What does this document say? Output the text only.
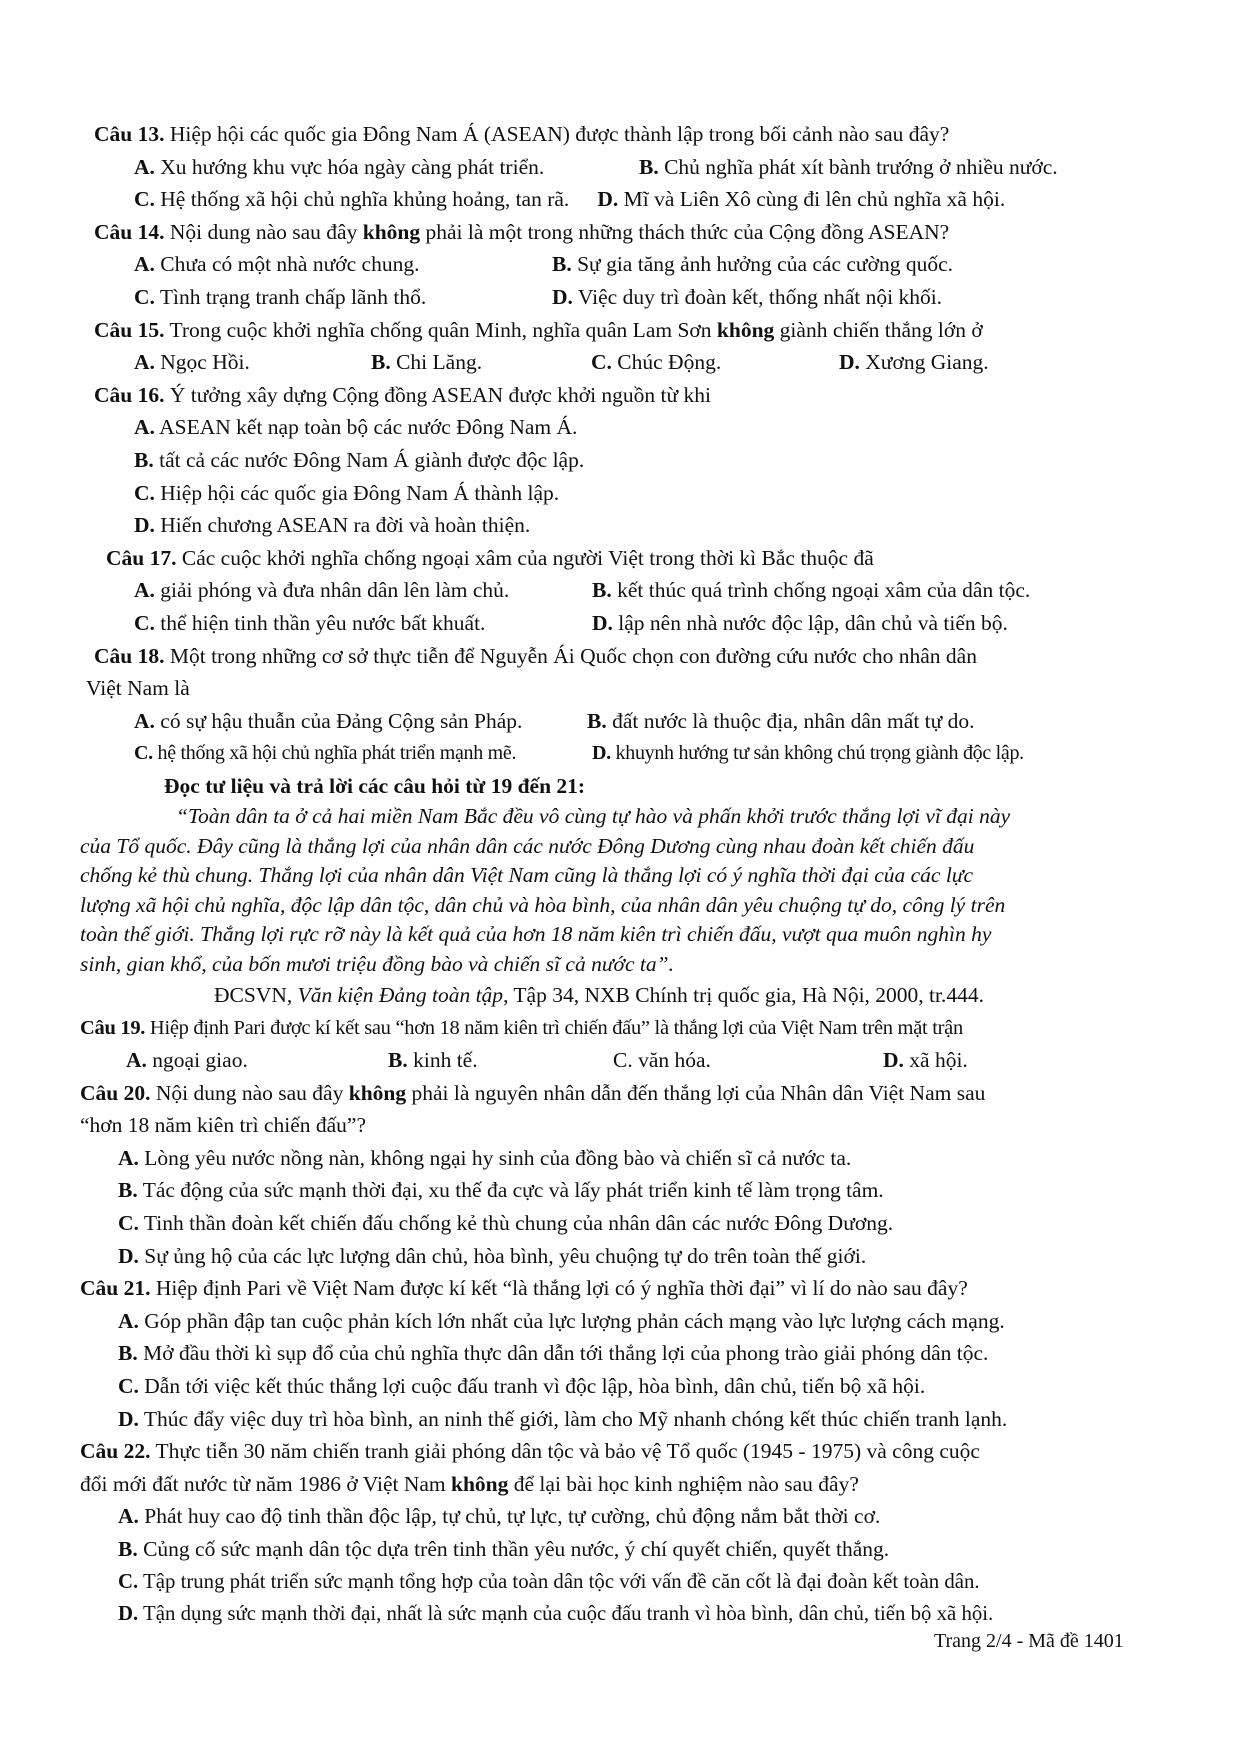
Câu 13. Hiệp hội các quốc gia Đông Nam Á (ASEAN) được thành lập trong bối cảnh nào sau đây?
A. Xu hướng khu vực hóa ngày càng phát triển.	B. Chủ nghĩa phát xít bành trướng ở nhiều nước.
C. Hệ thống xã hội chủ nghĩa khủng hoảng, tan rã.	D. Mĩ và Liên Xô cùng đi lên chủ nghĩa xã hội.
Câu 14. Nội dung nào sau đây không phải là một trong những thách thức của Cộng đồng ASEAN?
A. Chưa có một nhà nước chung.	B. Sự gia tăng ảnh hưởng của các cường quốc.
C. Tình trạng tranh chấp lãnh thổ.	D. Việc duy trì đoàn kết, thống nhất nội khối.
Câu 15. Trong cuộc khởi nghĩa chống quân Minh, nghĩa quân Lam Sơn không giành chiến thắng lớn ở
A. Ngọc Hồi.	B. Chi Lăng.	C. Chúc Động.	D. Xương Giang.
Câu 16. Ý tưởng xây dựng Cộng đồng ASEAN được khởi nguồn từ khi
A. ASEAN kết nạp toàn bộ các nước Đông Nam Á.
B. tất cả các nước Đông Nam Á giành được độc lập.
C. Hiệp hội các quốc gia Đông Nam Á thành lập.
D. Hiến chương ASEAN ra đời và hoàn thiện.
Câu 17. Các cuộc khởi nghĩa chống ngoại xâm của người Việt trong thời kì Bắc thuộc đã
A. giải phóng và đưa nhân dân lên làm chủ.	B. kết thúc quá trình chống ngoại xâm của dân tộc.
C. thể hiện tinh thần yêu nước bất khuất.	D. lập nên nhà nước độc lập, dân chủ và tiến bộ.
Câu 18. Một trong những cơ sở thực tiễn để Nguyễn Ái Quốc chọn con đường cứu nước cho nhân dân
Việt Nam là
A. có sự hậu thuẫn của Đảng Cộng sản Pháp.	B. đất nước là thuộc địa, nhân dân mất tự do.
C. hệ thống xã hội chủ nghĩa phát triển mạnh mẽ.	D. khuynh hướng tư sản không chú trọng giành độc lập.
Đọc tư liệu và trả lời các câu hỏi từ 19 đến 21:
“Toàn dân ta ở cả hai miền Nam Bắc đều vô cùng tự hào và phấn khởi trước thắng lợi vĩ đại này
của Tổ quốc. Đây cũng là thắng lợi của nhân dân các nước Đông Dương cùng nhau đoàn kết chiến đấu
chống kẻ thù chung. Thắng lợi của nhân dân Việt Nam cũng là thắng lợi có ý nghĩa thời đại của các lực
lượng xã hội chủ nghĩa, độc lập dân tộc, dân chủ và hòa bình, của nhân dân yêu chuộng tự do, công lý trên
toàn thế giới. Thắng lợi rực rỡ này là kết quả của hơn 18 năm kiên trì chiến đấu, vượt qua muôn nghìn hy
sinh, gian khổ, của bốn mươi triệu đồng bào và chiến sĩ cả nước ta”.
ĐCSVN, Văn kiện Đảng toàn tập, Tập 34, NXB Chính trị quốc gia, Hà Nội, 2000, tr.444.
Câu 19. Hiệp định Pari được kí kết sau “hơn 18 năm kiên trì chiến đấu” là thắng lợi của Việt Nam trên mặt trận
A. ngoại giao.	B. kinh tế.	C. văn hóa.	D. xã hội.
Câu 20. Nội dung nào sau đây không phải là nguyên nhân dẫn đến thắng lợi của Nhân dân Việt Nam sau
“hơn 18 năm kiên trì chiến đấu”?
A. Lòng yêu nước nồng nàn, không ngại hy sinh của đồng bào và chiến sĩ cả nước ta.
B. Tác động của sức mạnh thời đại, xu thế đa cực và lấy phát triển kinh tế làm trọng tâm.
C. Tinh thần đoàn kết chiến đấu chống kẻ thù chung của nhân dân các nước Đông Dương.
D. Sự ủng hộ của các lực lượng dân chủ, hòa bình, yêu chuộng tự do trên toàn thế giới.
Câu 21. Hiệp định Pari về Việt Nam được kí kết “là thắng lợi có ý nghĩa thời đại” vì lí do nào sau đây?
A. Góp phần đập tan cuộc phản kích lớn nhất của lực lượng phản cách mạng vào lực lượng cách mạng.
B. Mở đầu thời kì sụp đổ của chủ nghĩa thực dân dẫn tới thắng lợi của phong trào giải phóng dân tộc.
C. Dẫn tới việc kết thúc thắng lợi cuộc đấu tranh vì độc lập, hòa bình, dân chủ, tiến bộ xã hội.
D. Thúc đẩy việc duy trì hòa bình, an ninh thế giới, làm cho Mỹ nhanh chóng kết thúc chiến tranh lạnh.
Câu 22. Thực tiễn 30 năm chiến tranh giải phóng dân tộc và bảo vệ Tổ quốc (1945 - 1975) và công cuộc
đổi mới đất nước từ năm 1986 ở Việt Nam không để lại bài học kinh nghiệm nào sau đây?
A. Phát huy cao độ tinh thần độc lập, tự chủ, tự lực, tự cường, chủ động nắm bắt thời cơ.
B. Củng cố sức mạnh dân tộc dựa trên tinh thần yêu nước, ý chí quyết chiến, quyết thắng.
C. Tập trung phát triển sức mạnh tổng hợp của toàn dân tộc với vấn đề căn cốt là đại đoàn kết toàn dân.
D. Tận dụng sức mạnh thời đại, nhất là sức mạnh của cuộc đấu tranh vì hòa bình, dân chủ, tiến bộ xã hội.
Trang 2/4 - Mã đề 1401
